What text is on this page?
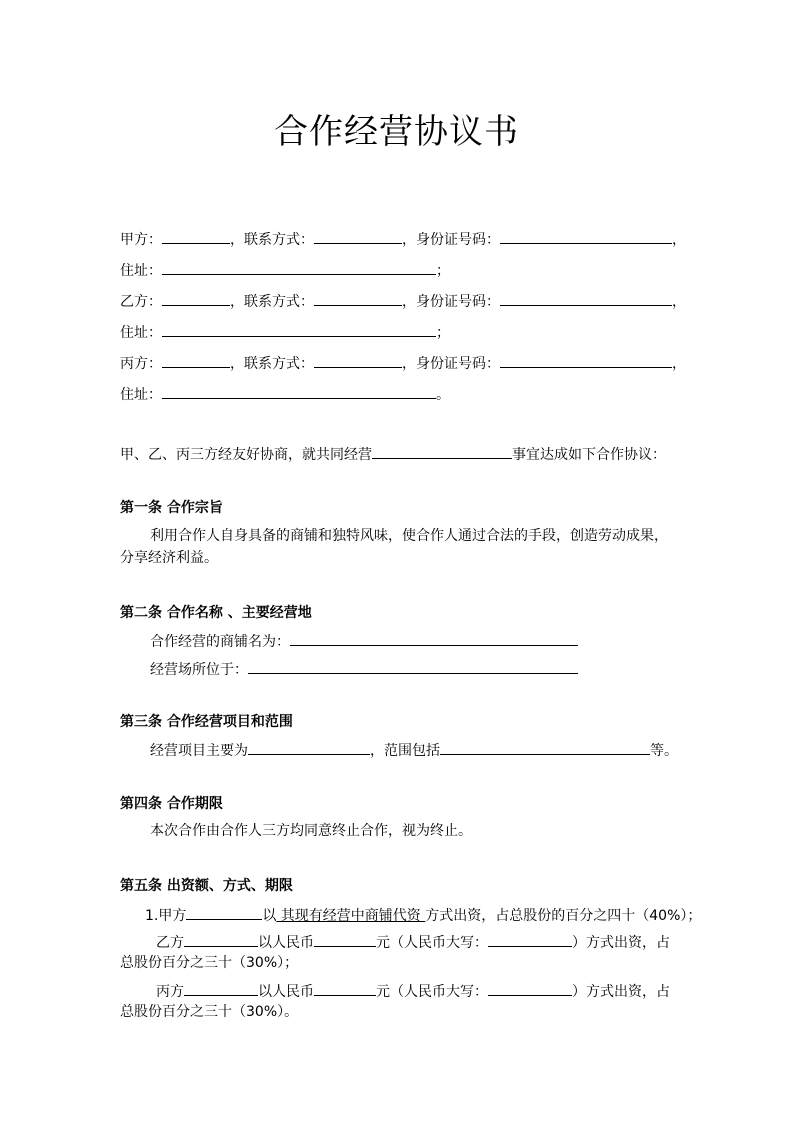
合作经营协议书
甲方：	，联系方式：	，身份证号码：	，
住址：	；
乙方：	，联系方式：	，身份证号码：	，
住址：	；
丙方：	，联系方式：	，身份证号码：	，
住址：	。
甲、乙、丙三方经友好协商，就共同经营	事宜达成如下合作协议：
第一条 合作宗旨
利用合作人自身具备的商铺和独特风味，使合作人通过合法的手段，创造劳动成果，
分享经济利益。
第二条 合作名称 、主要经营地
合作经营的商铺名为：
经营场所位于：
第三条 合作经营项目和范围
经营项目主要为	，范围包括	等。
第四条 合作期限
本次合作由合作人三方均同意终止合作，视为终止。
第五条 出资额、方式、期限
1.甲方	以 其现有经营中商铺代资 方式出资，占总股份的百分之四十（40%）；
乙方	以人民币	元（人民币大写：	）方式出资，占
总股份百分之三十（30%）；
丙方	以人民币	元（人民币大写：	）方式出资，占
总股份百分之三十（30%）。
